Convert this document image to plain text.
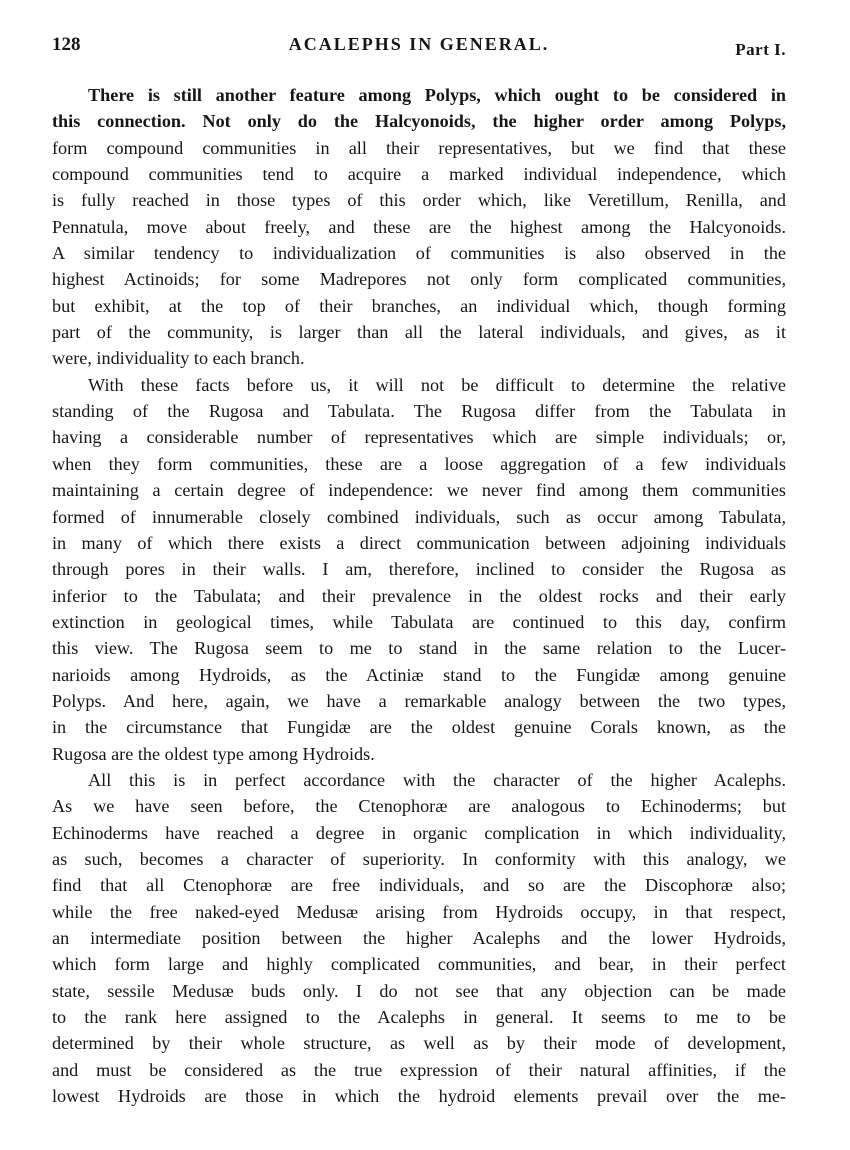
128	ACALEPHS IN GENERAL.	Part I.
There is still another feature among Polyps, which ought to be considered in
this connection. Not only do the Halcyonoids, the higher order among Polyps,
form compound communities in all their representatives, but we find that these
compound communities tend to acquire a marked individual independence, which
is fully reached in those types of this order which, like Veretillum, Renilla, and
Pennatula, move about freely, and these are the highest among the Halcyonoids.
A similar tendency to individualization of communities is also observed in the
highest Actinoids; for some Madrepores not only form complicated communities,
but exhibit, at the top of their branches, an individual which, though forming
part of the community, is larger than all the lateral individuals, and gives, as it
were, individuality to each branch.
With these facts before us, it will not be difficult to determine the relative
standing of the Rugosa and Tabulata. The Rugosa differ from the Tabulata in
having a considerable number of representatives which are simple individuals; or,
when they form communities, these are a loose aggregation of a few individuals
maintaining a certain degree of independence: we never find among them communities
formed of innumerable closely combined individuals, such as occur among Tabulata,
in many of which there exists a direct communication between adjoining individuals
through pores in their walls. I am, therefore, inclined to consider the Rugosa as
inferior to the Tabulata; and their prevalence in the oldest rocks and their early
extinction in geological times, while Tabulata are continued to this day, confirm
this view. The Rugosa seem to me to stand in the same relation to the Lucer-
narioids among Hydroids, as the Actiniæ stand to the Fungidæ among genuine
Polyps. And here, again, we have a remarkable analogy between the two types,
in the circumstance that Fungidæ are the oldest genuine Corals known, as the
Rugosa are the oldest type among Hydroids.
All this is in perfect accordance with the character of the higher Acalephs.
As we have seen before, the Ctenophoræ are analogous to Echinoderms; but
Echinoderms have reached a degree in organic complication in which individuality,
as such, becomes a character of superiority. In conformity with this analogy, we
find that all Ctenophoræ are free individuals, and so are the Discophoræ also;
while the free naked-eyed Medusæ arising from Hydroids occupy, in that respect,
an intermediate position between the higher Acalephs and the lower Hydroids,
which form large and highly complicated communities, and bear, in their perfect
state, sessile Medusæ buds only. I do not see that any objection can be made
to the rank here assigned to the Acalephs in general. It seems to me to be
determined by their whole structure, as well as by their mode of development,
and must be considered as the true expression of their natural affinities, if the
lowest Hydroids are those in which the hydroid elements prevail over the me-
